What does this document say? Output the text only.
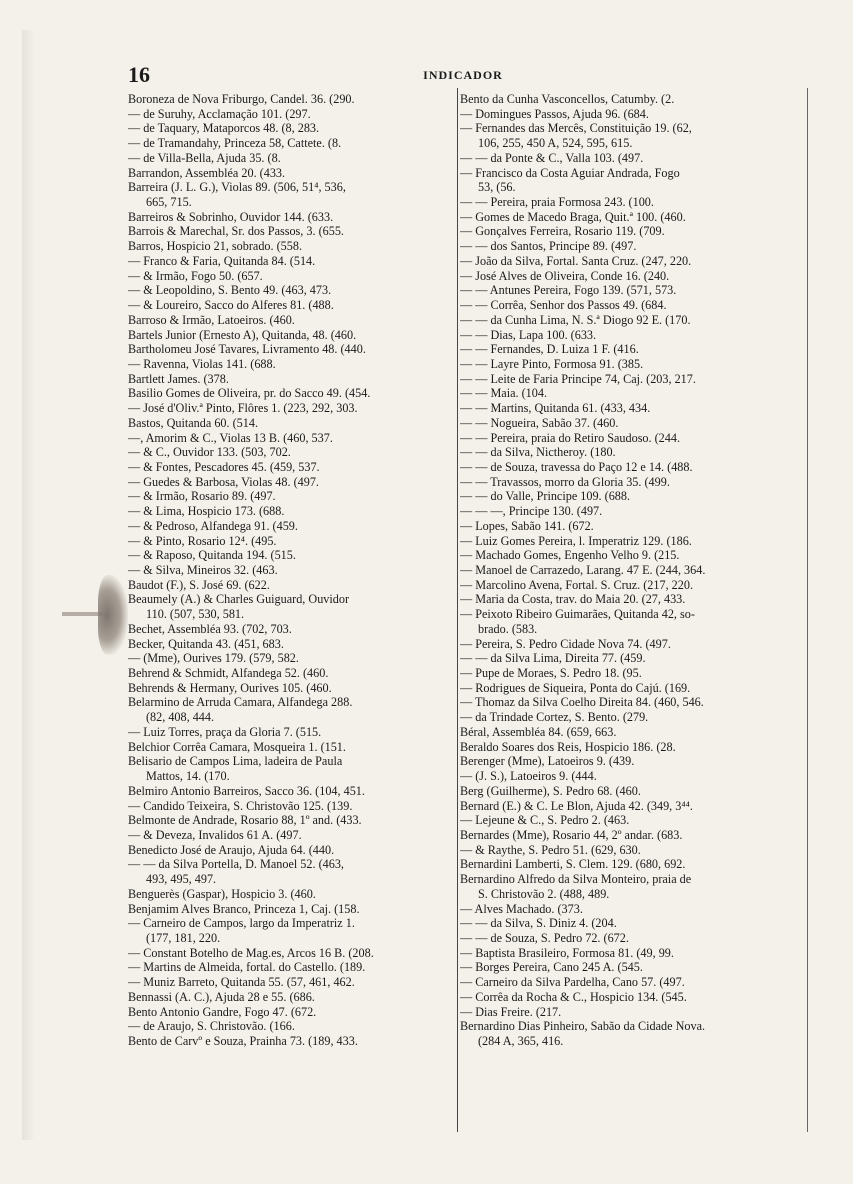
16	INDICADOR
Boroneza de Nova Friburgo, Candel. 36. (290.
— de Suruhy, Acclamação 101. (297.
— de Taquary, Mataporcos 48. (8, 283.
— de Tramandahy, Princeza 58, Cattete. (8.
— de Villa-Bella, Ajuda 35. (8.
Barrandon, Assembléa 20. (433.
Barreira (J. L. G.), Violas 89. (506, 51⁴, 536,
665, 715.
Barreiros & Sobrinho, Ouvidor 144. (633.
Barrois & Marechal, Sr. dos Passos, 3. (655.
Barros, Hospicio 21, sobrado. (558.
— Franco & Faria, Quitanda 84. (514.
— & Irmão, Fogo 50. (657.
— & Leopoldino, S. Bento 49. (463, 473.
— & Loureiro, Sacco do Alferes 81. (488.
Barroso & Irmão, Latoeiros. (460.
Bartels Junior (Ernesto A), Quitanda, 48. (460.
Bartholomeu José Tavares, Livramento 48. (440.
— Ravenna, Violas 141. (688.
Bartlett James. (378.
Basilio Gomes de Oliveira, pr. do Sacco 49. (454.
— José d'Oliv.ª Pinto, Flôres 1. (223, 292, 303.
Bastos, Quitanda 60. (514.
—, Amorim & C., Violas 13 B. (460, 537.
— & C., Ouvidor 133. (503, 702.
— & Fontes, Pescadores 45. (459, 537.
— Guedes & Barbosa, Violas 48. (497.
— & Irmão, Rosario 89. (497.
— & Lima, Hospicio 173. (688.
— & Pedroso, Alfandega 91. (459.
— & Pinto, Rosario 12⁴. (495.
— & Raposo, Quitanda 194. (515.
— & Silva, Mineiros 32. (463.
Baudot (F.), S. José 69. (622.
Beaumely (A.) & Charles Guiguard, Ouvidor
110. (507, 530, 581.
Bechet, Assembléa 93. (702, 703.
Becker, Quitanda 43. (451, 683.
— (Mme), Ourives 179. (579, 582.
Behrend & Schmidt, Alfandega 52. (460.
Behrends & Hermany, Ourives 105. (460.
Belarmino de Arruda Camara, Alfandega 288.
(82, 408, 444.
— Luiz Torres, praça da Gloria 7. (515.
Belchior Corrêa Camara, Mosqueira 1. (151.
Belisario de Campos Lima, ladeira de Paula
Mattos, 14. (170.
Belmiro Antonio Barreiros, Sacco 36. (104, 451.
— Candido Teixeira, S. Christovão 125. (139.
Belmonte de Andrade, Rosario 88, 1º and. (433.
— & Deveza, Invalidos 61 A. (497.
Benedicto José de Araujo, Ajuda 64. (440.
— — da Silva Portella, D. Manoel 52. (463,
493, 495, 497.
Benguerès (Gaspar), Hospicio 3. (460.
Benjamim Alves Branco, Princeza 1, Caj. (158.
— Carneiro de Campos, largo da Imperatriz 1.
(177, 181, 220.
— Constant Botelho de Mag.es, Arcos 16 B. (208.
— Martins de Almeida, fortal. do Castello. (189.
— Muniz Barreto, Quitanda 55. (57, 461, 462.
Bennassi (A. C.), Ajuda 28 e 55. (686.
Bento Antonio Gandre, Fogo 47. (672.
— de Araujo, S. Christovão. (166.
Bento de Carvº e Souza, Prainha 73. (189, 433.
Bento da Cunha Vasconcellos, Catumby. (2.
— Domingues Passos, Ajuda 96. (684.
— Fernandes das Mercês, Constituição 19. (62,
106, 255, 450 A, 524, 595, 615.
— — da Ponte & C., Valla 103. (497.
— Francisco da Costa Aguiar Andrada, Fogo
53, (56.
— — Pereira, praia Formosa 243. (100.
— Gomes de Macedo Braga, Quit.ª 100. (460.
— Gonçalves Ferreira, Rosario 119. (709.
— — dos Santos, Principe 89. (497.
— João da Silva, Fortal. Santa Cruz. (247, 220.
— José Alves de Oliveira, Conde 16. (240.
— — Antunes Pereira, Fogo 139. (571, 573.
— — Corrêa, Senhor dos Passos 49. (684.
— — da Cunha Lima, N. S.ª Diogo 92 E. (170.
— — Dias, Lapa 100. (633.
— — Fernandes, D. Luiza 1 F. (416.
— — Layre Pinto, Formosa 91. (385.
— — Leite de Faria Principe 74, Caj. (203, 217.
— — Maia. (104.
— — Martins, Quitanda 61. (433, 434.
— — Nogueira, Sabão 37. (460.
— — Pereira, praia do Retiro Saudoso. (244.
— — da Silva, Nictheroy. (180.
— — de Souza, travessa do Paço 12 e 14. (488.
— — Travassos, morro da Gloria 35. (499.
— — do Valle, Principe 109. (688.
— — —, Principe 130. (497.
— Lopes, Sabão 141. (672.
— Luiz Gomes Pereira, l. Imperatriz 129. (186.
— Machado Gomes, Engenho Velho 9. (215.
— Manoel de Carrazedo, Larang. 47 E. (244, 364.
— Marcolino Avena, Fortal. S. Cruz. (217, 220.
— Maria da Costa, trav. do Maia 20. (27, 433.
— Peixoto Ribeiro Guimarães, Quitanda 42, so-
brado. (583.
— Pereira, S. Pedro Cidade Nova 74. (497.
— — da Silva Lima, Direita 77. (459.
— Pupe de Moraes, S. Pedro 18. (95.
— Rodrigues de Siqueira, Ponta do Cajú. (169.
— Thomaz da Silva Coelho Direita 84. (460, 546.
— da Trindade Cortez, S. Bento. (279.
Béral, Assembléa 84. (659, 663.
Beraldo Soares dos Reis, Hospicio 186. (28.
Berenger (Mme), Latoeiros 9. (439.
— (J. S.), Latoeiros 9. (444.
Berg (Guilherme), S. Pedro 68. (460.
Bernard (E.) & C. Le Blon, Ajuda 42. (349, 3⁴⁴.
— Lejeune & C., S. Pedro 2. (463.
Bernardes (Mme), Rosario 44, 2º andar. (683.
— & Raythe, S. Pedro 51. (629, 630.
Bernardini Lamberti, S. Clem. 129. (680, 692.
Bernardino Alfredo da Silva Monteiro, praia de
S. Christovão 2. (488, 489.
— Alves Machado. (373.
— — da Silva, S. Diniz 4. (204.
— — de Souza, S. Pedro 72. (672.
— Baptista Brasileiro, Formosa 81. (49, 99.
— Borges Pereira, Cano 245 A. (545.
— Carneiro da Silva Pardelha, Cano 57. (497.
— Corrêa da Rocha & C., Hospicio 134. (545.
— Dias Freire. (217.
Bernardino Dias Pinheiro, Sabão da Cidade Nova.
(284 A, 365, 416.
